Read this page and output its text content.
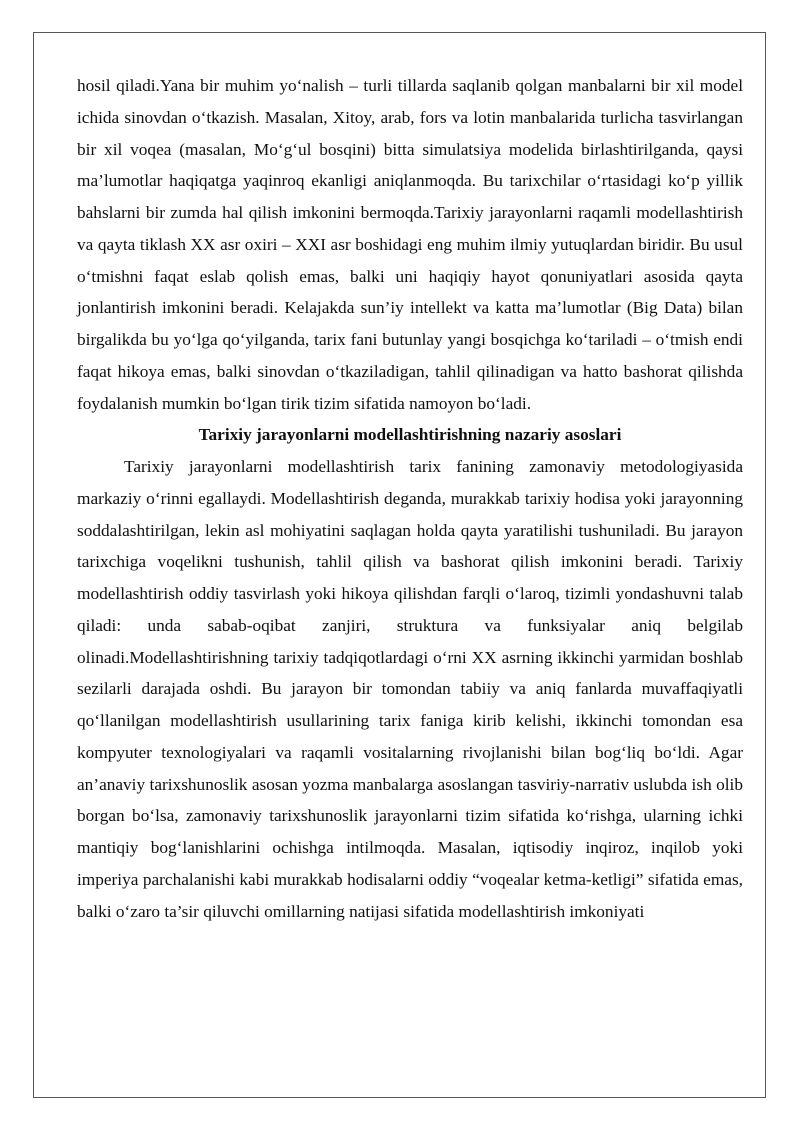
hosil qiladi.Yana bir muhim yo‘nalish – turli tillarda saqlanib qolgan manbalarni bir xil model ichida sinovdan o‘tkazish. Masalan, Xitoy, arab, fors va lotin manbalarida turlicha tasvirlangan bir xil voqea (masalan, Mo‘g‘ul bosqini) bitta simulatsiya modelida birlashtirilganda, qaysi ma’lumotlar haqiqatga yaqinroq ekanligi aniqlanmoqda. Bu tarixchilar o‘rtasidagi ko‘p yillik bahslarni bir zumda hal qilish imkonini bermoqda.Tarixiy jarayonlarni raqamli modellashtirish va qayta tiklash XX asr oxiri – XXI asr boshidagi eng muhim ilmiy yutuqlardan biridir. Bu usul o‘tmishni faqat eslab qolish emas, balki uni haqiqiy hayot qonuniyatlari asosida qayta jonlantirish imkonini beradi. Kelajakda sun’iy intellekt va katta ma’lumotlar (Big Data) bilan birgalikda bu yo‘lga qo‘yilganda, tarix fani butunlay yangi bosqichga ko‘tariladi – o‘tmish endi faqat hikoya emas, balki sinovdan o‘tkaziladigan, tahlil qilinadigan va hatto bashorat qilishda foydalanish mumkin bo‘lgan tirik tizim sifatida namoyon bo‘ladi.

Tarixiy jarayonlarni modellashtirishning nazariy asoslari

Tarixiy jarayonlarni modellashtirish tarix fanining zamonaviy metodologiyasida markaziy o‘rinni egallaydi. Modellashtirish deganda, murakkab tarixiy hodisa yoki jarayonning soddalashtirilgan, lekin asl mohiyatini saqlagan holda qayta yaratilishi tushuniladi. Bu jarayon tarixchiga voqelikni tushunish, tahlil qilish va bashorat qilish imkonini beradi. Tarixiy modellashtirish oddiy tasvirlash yoki hikoya qilishdan farqli o‘laroq, tizimli yondashuvni talab qiladi: unda sabab-oqibat zanjiri, struktura va funksiyalar aniq belgilab olinadi.Modellashtirishning tarixiy tadqiqotlardagi o‘rni XX asrning ikkinchi yarmidan boshlab sezilarli darajada oshdi. Bu jarayon bir tomondan tabiiy va aniq fanlarda muvaffaqiyatli qo‘llanilgan modellashtirish usullarining tarix faniga kirib kelishi, ikkinchi tomondan esa kompyuter texnologiyalari va raqamli vositalarning rivojlanishi bilan bog‘liq bo‘ldi. Agar an’anaviy tarixshunoslik asosan yozma manbalarga asoslangan tasviriy-narrativ uslubda ish olib borgan bo‘lsa, zamonaviy tarixshunoslik jarayonlarni tizim sifatida ko‘rishga, ularning ichki mantiqiy bog‘lanishlarini ochishga intilmoqda. Masalan, iqtisodiy inqiroz, inqilob yoki imperiya parchalanishi kabi murakkab hodisalarni oddiy “voqealar ketma-ketligi” sifatida emas, balki o‘zaro ta’sir qiluvchi omillarning natijasi sifatida modellashtirish imkoniyati
